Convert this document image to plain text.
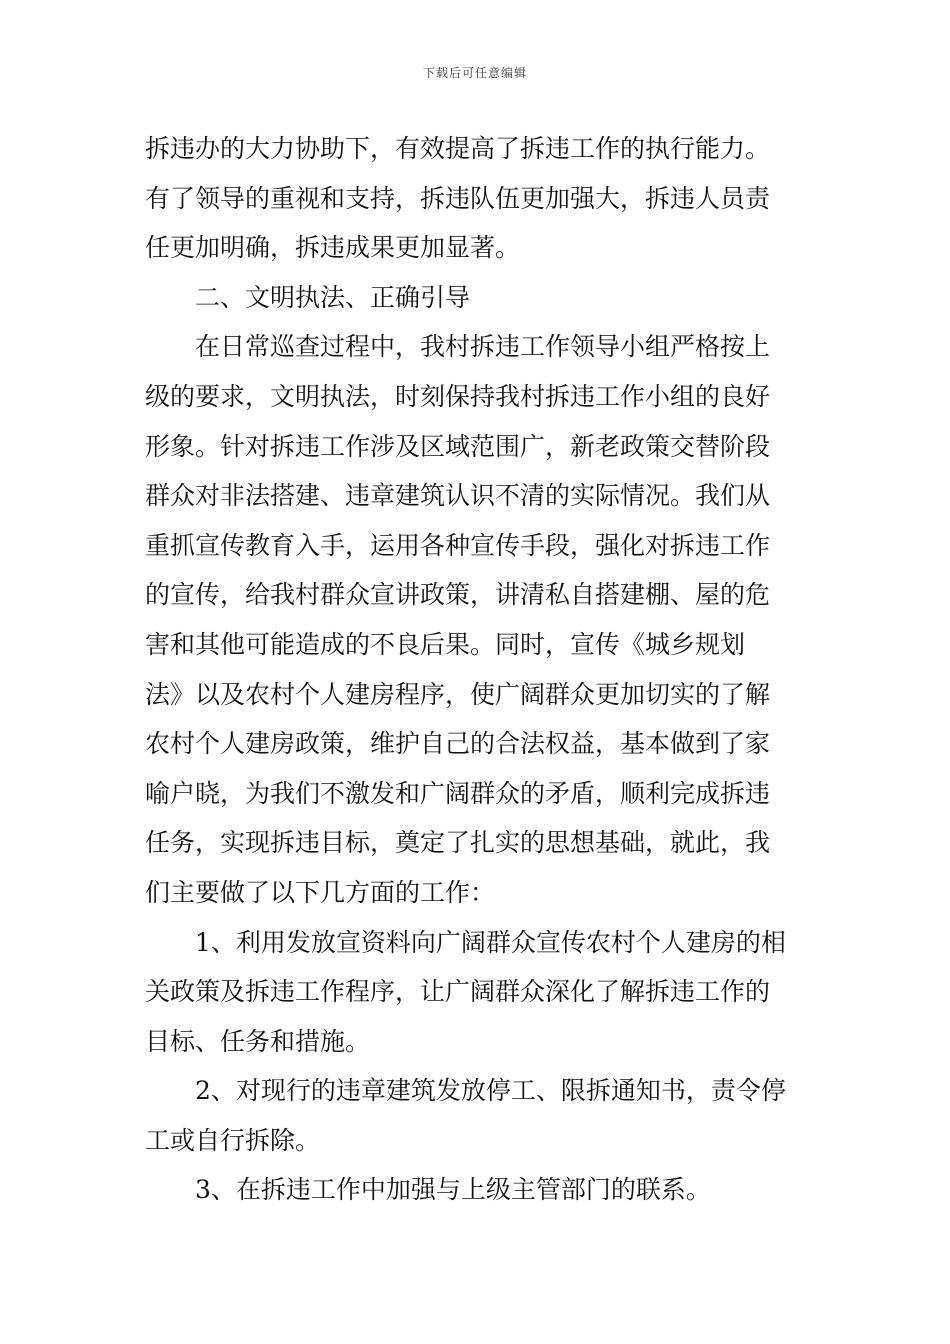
下载后可任意编辑
拆违办的大力协助下，有效提高了拆违工作的执行能力。
有了领导的重视和支持，拆违队伍更加强大，拆违人员责
任更加明确，拆违成果更加显著。
二、文明执法、正确引导
在日常巡查过程中，我村拆违工作领导小组严格按上
级的要求，文明执法，时刻保持我村拆违工作小组的良好
形象。针对拆违工作涉及区域范围广，新老政策交替阶段
群众对非法搭建、违章建筑认识不清的实际情况。我们从
重抓宣传教育入手，运用各种宣传手段，强化对拆违工作
的宣传，给我村群众宣讲政策，讲清私自搭建棚、屋的危
害和其他可能造成的不良后果。同时，宣传《城乡规划
法》以及农村个人建房程序，使广阔群众更加切实的了解
农村个人建房政策，维护自己的合法权益，基本做到了家
喻户晓，为我们不激发和广阔群众的矛盾，顺利完成拆违
任务，实现拆违目标，奠定了扎实的思想基础，就此，我
们主要做了以下几方面的工作：
1、利用发放宣资料向广阔群众宣传农村个人建房的相
关政策及拆违工作程序，让广阔群众深化了解拆违工作的
目标、任务和措施。
2、对现行的违章建筑发放停工、限拆通知书，责令停
工或自行拆除。
3、在拆违工作中加强与上级主管部门的联系。
